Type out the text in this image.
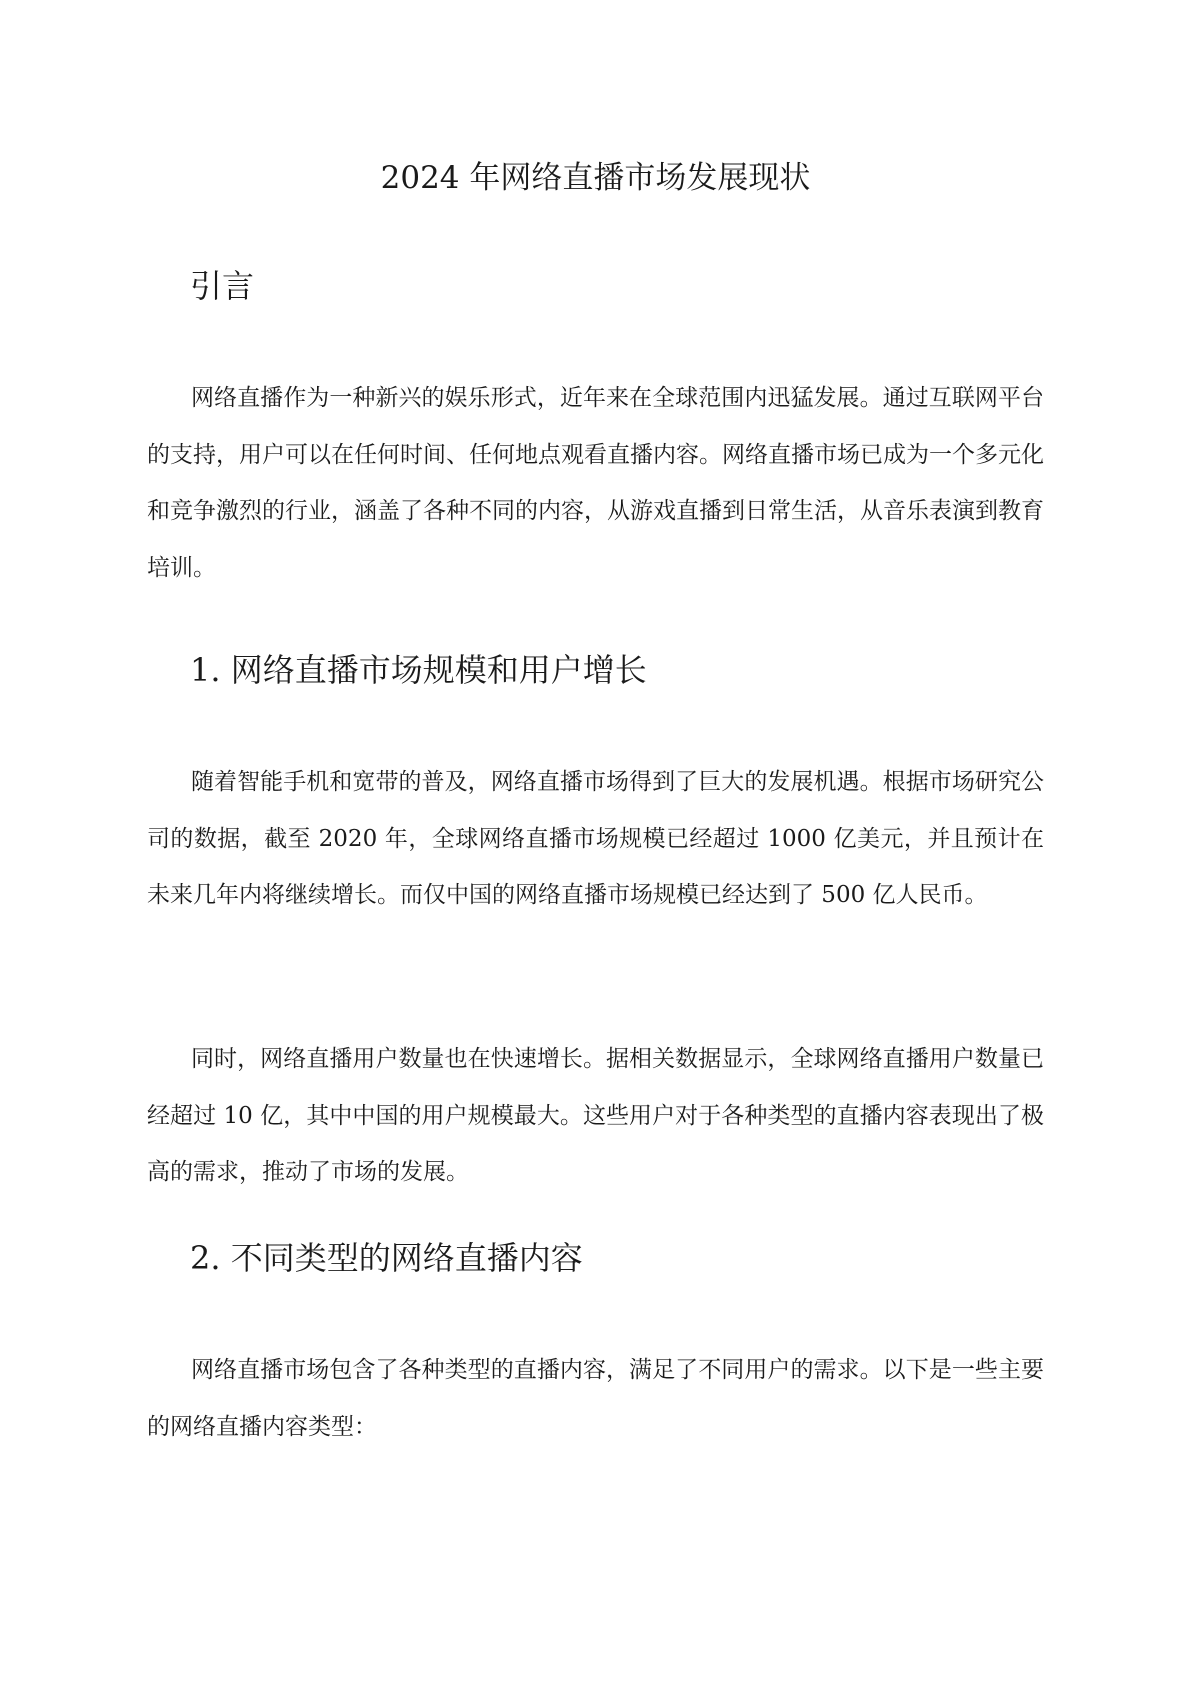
2024 年网络直播市场发展现状
引言

网络直播作为一种新兴的娱乐形式，近年来在全球范围内迅猛发展。通过互联网平台的支持，用户可以在任何时间、任何地点观看直播内容。网络直播市场已成为一个多元化和竞争激烈的行业，涵盖了各种不同的内容，从游戏直播到日常生活，从音乐表演到教育培训。

1. 网络直播市场规模和用户增长

随着智能手机和宽带的普及，网络直播市场得到了巨大的发展机遇。根据市场研究公司的数据，截至 2020 年，全球网络直播市场规模已经超过 1000 亿美元，并且预计在未来几年内将继续增长。而仅中国的网络直播市场规模已经达到了 500 亿人民币。

同时，网络直播用户数量也在快速增长。据相关数据显示，全球网络直播用户数量已经超过 10 亿，其中中国的用户规模最大。这些用户对于各种类型的直播内容表现出了极高的需求，推动了市场的发展。

2. 不同类型的网络直播内容

网络直播市场包含了各种类型的直播内容，满足了不同用户的需求。以下是一些主要的网络直播内容类型：
